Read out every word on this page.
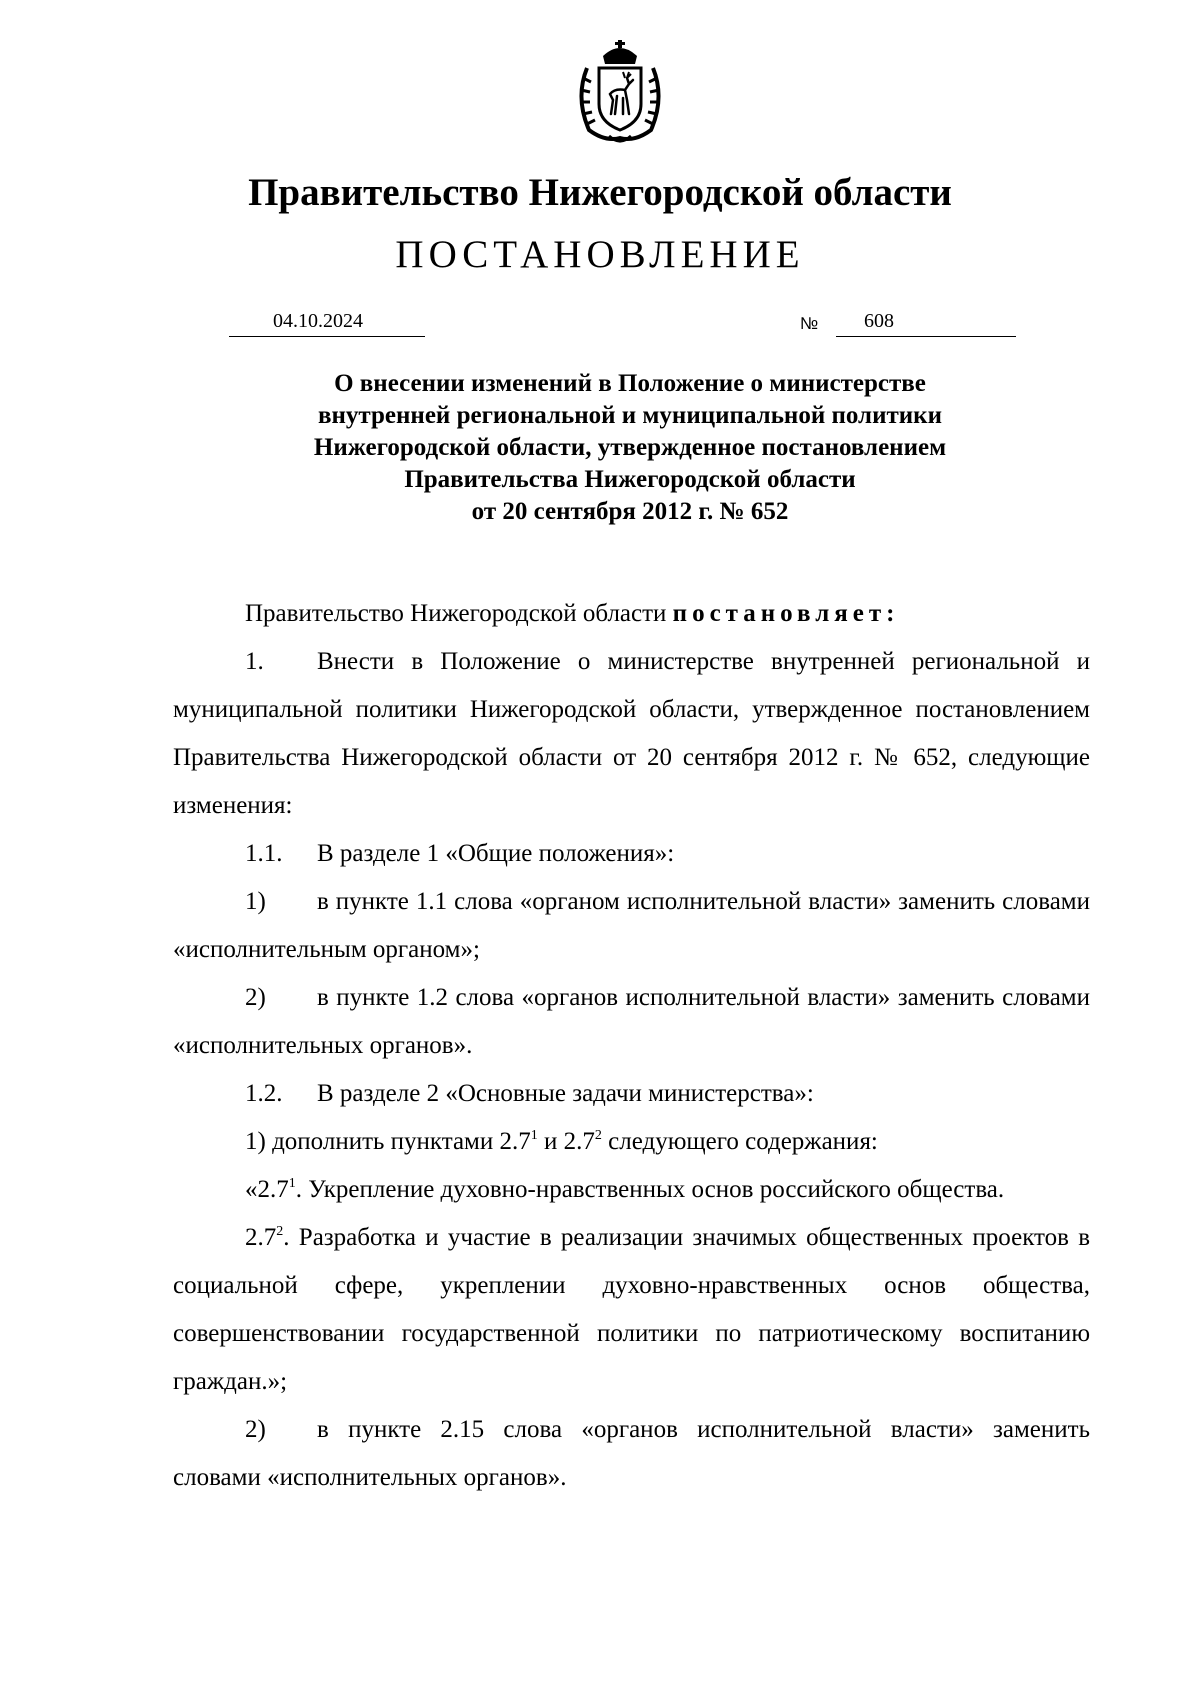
Правительство Нижегородской области
ПОСТАНОВЛЕНИЕ
04.10.2024	№ 608
О внесении изменений в Положение о министерстве
внутренней региональной и муниципальной политики
Нижегородской области, утвержденное постановлением
Правительства Нижегородской области
от 20 сентября 2012 г. № 652

Правительство Нижегородской области постановляет:

1. Внести в Положение о министерстве внутренней региональной и муниципальной политики Нижегородской области, утвержденное постановлением Правительства Нижегородской области от 20 сентября 2012 г. № 652, следующие изменения:

1.1. В разделе 1 «Общие положения»:

1) в пункте 1.1 слова «органом исполнительной власти» заменить словами «исполнительным органом»;

2) в пункте 1.2 слова «органов исполнительной власти» заменить словами «исполнительных органов».

1.2. В разделе 2 «Основные задачи министерства»:

1) дополнить пунктами $2.7^1$ и $2.7^2$ следующего содержания:

«$2.7^1$. Укрепление духовно-нравственных основ российского общества.

$2.7^2$. Разработка и участие в реализации значимых общественных проектов в социальной сфере, укреплении духовно-нравственных основ общества, совершенствовании государственной политики по патриотическому воспитанию граждан.»;

2) в пункте 2.15 слова «органов исполнительной власти» заменить словами «исполнительных органов».
